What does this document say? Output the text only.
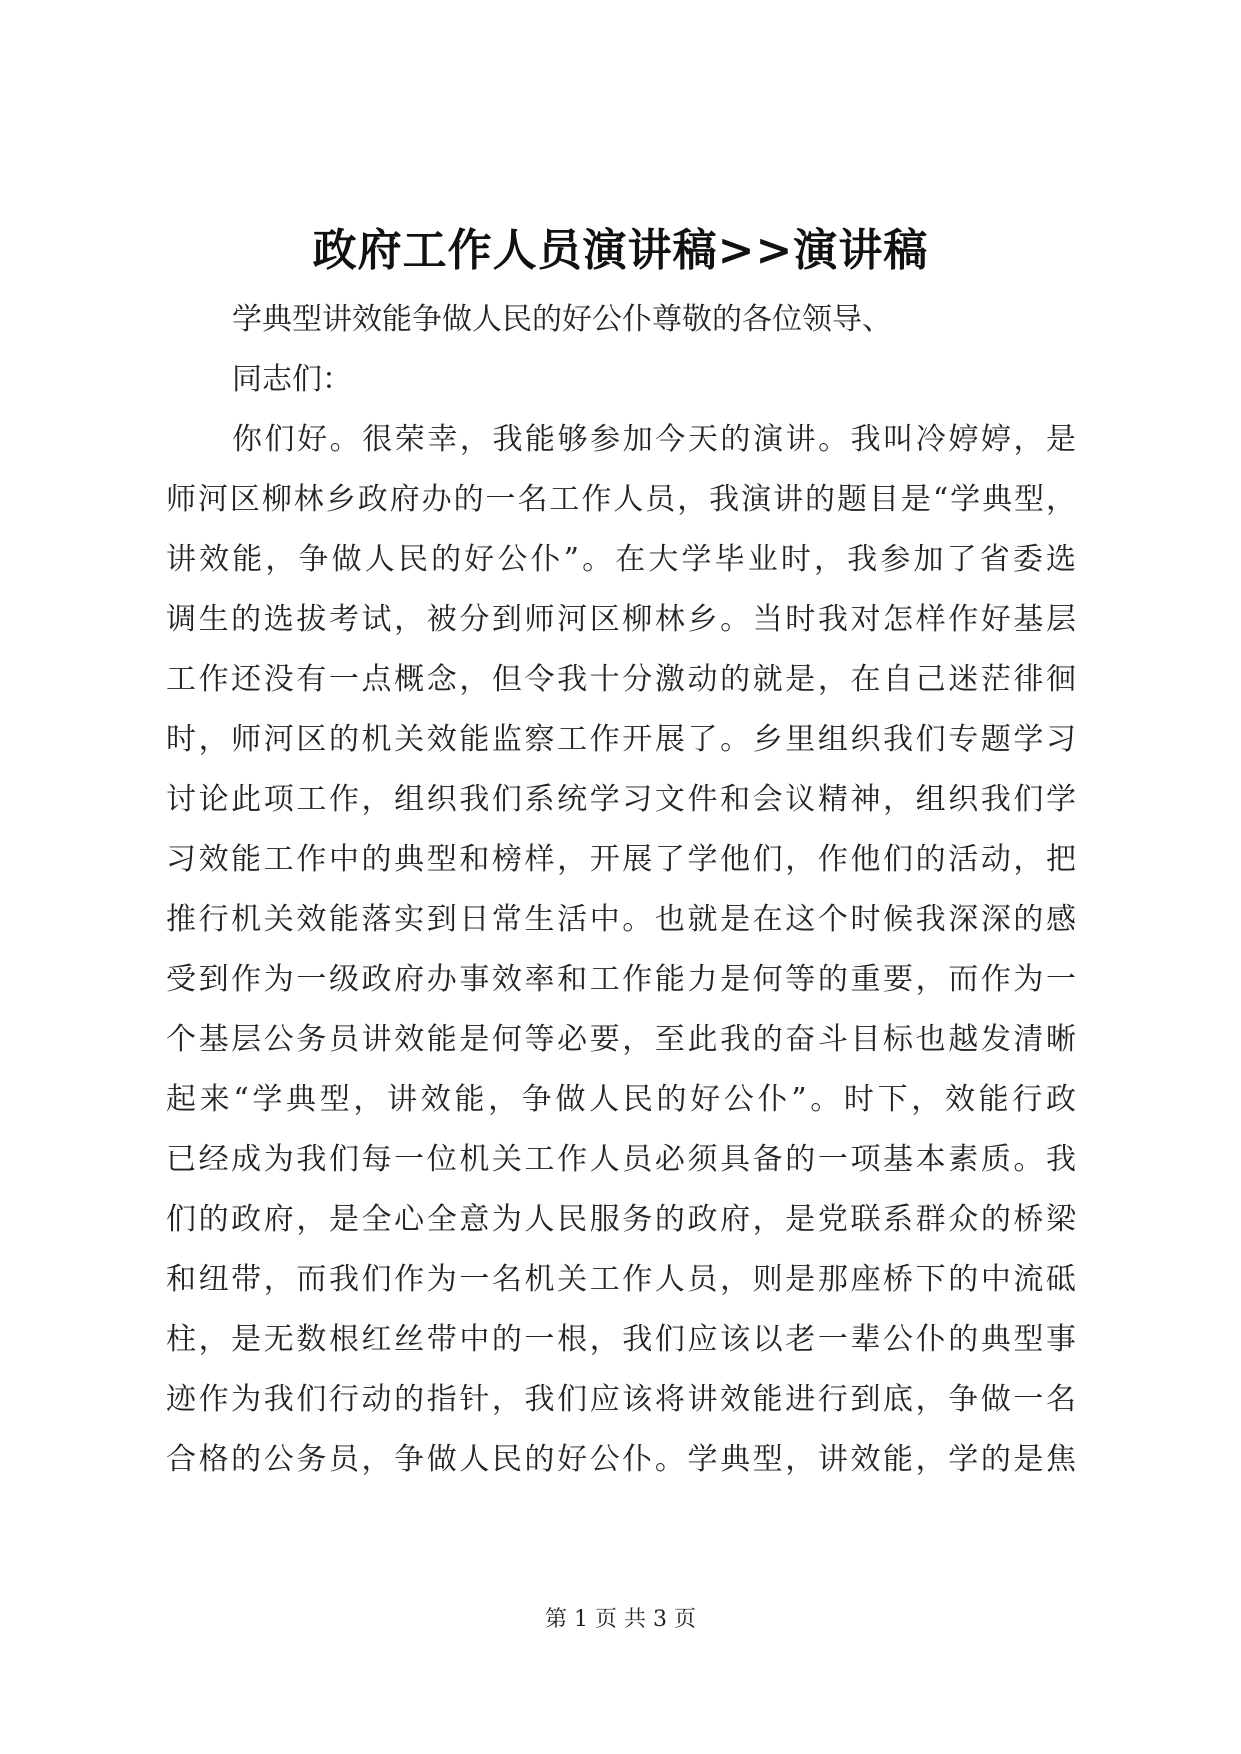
政府工作人员演讲稿>>演讲稿
学典型讲效能争做人民的好公仆尊敬的各位领导、
同志们：
你们好。很荣幸，我能够参加今天的演讲。我叫冷婷婷，是
师河区柳林乡政府办的一名工作人员，我演讲的题目是“学典型，
讲效能，争做人民的好公仆”。在大学毕业时，我参加了省委选
调生的选拔考试，被分到师河区柳林乡。当时我对怎样作好基层
工作还没有一点概念，但令我十分激动的就是，在自己迷茫徘徊
时，师河区的机关效能监察工作开展了。乡里组织我们专题学习
讨论此项工作，组织我们系统学习文件和会议精神，组织我们学
习效能工作中的典型和榜样，开展了学他们，作他们的活动，把
推行机关效能落实到日常生活中。也就是在这个时候我深深的感
受到作为一级政府办事效率和工作能力是何等的重要，而作为一
个基层公务员讲效能是何等必要，至此我的奋斗目标也越发清晰
起来“学典型，讲效能，争做人民的好公仆”。时下，效能行政
已经成为我们每一位机关工作人员必须具备的一项基本素质。我
们的政府，是全心全意为人民服务的政府，是党联系群众的桥梁
和纽带，而我们作为一名机关工作人员，则是那座桥下的中流砥
柱，是无数根红丝带中的一根，我们应该以老一辈公仆的典型事
迹作为我们行动的指针，我们应该将讲效能进行到底，争做一名
合格的公务员，争做人民的好公仆。学典型，讲效能，学的是焦
第 1 页 共 3 页
